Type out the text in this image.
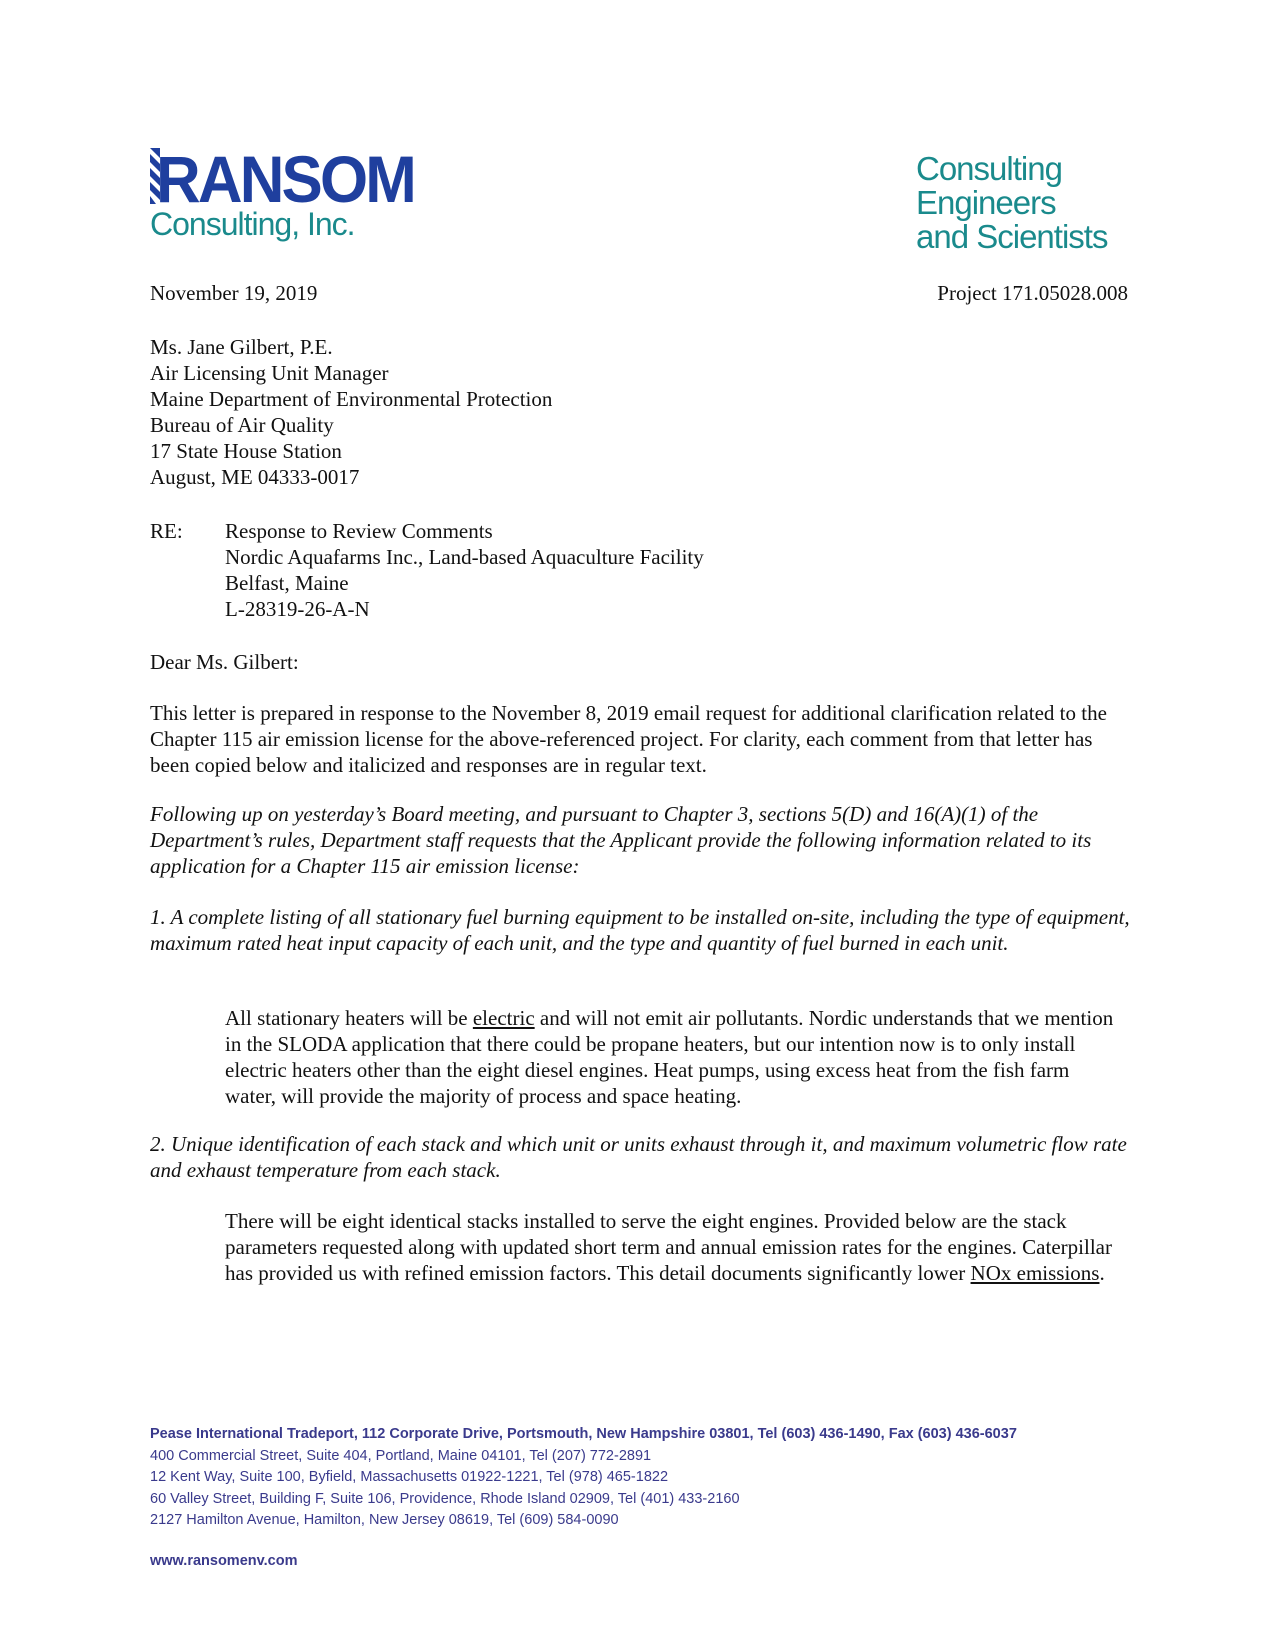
RANSOM
Consulting, Inc.
Consulting
Engineers
and Scientists
November 19, 2019	Project 171.05028.008
Ms. Jane Gilbert, P.E.
Air Licensing Unit Manager
Maine Department of Environmental Protection
Bureau of Air Quality
17 State House Station
August, ME 04333-0017
RE: Response to Review Comments
Nordic Aquafarms Inc., Land-based Aquaculture Facility
Belfast, Maine
L-28319-26-A-N
Dear Ms. Gilbert:
This letter is prepared in response to the November 8, 2019 email request for additional clarification related to the Chapter 115 air emission license for the above-referenced project. For clarity, each comment from that letter has been copied below and italicized and responses are in regular text.
Following up on yesterday’s Board meeting, and pursuant to Chapter 3, sections 5(D) and 16(A)(1) of the Department’s rules, Department staff requests that the Applicant provide the following information related to its application for a Chapter 115 air emission license:
1. A complete listing of all stationary fuel burning equipment to be installed on-site, including the type of equipment, maximum rated heat input capacity of each unit, and the type and quantity of fuel burned in each unit.
All stationary heaters will be electric and will not emit air pollutants. Nordic understands that we mention in the SLODA application that there could be propane heaters, but our intention now is to only install electric heaters other than the eight diesel engines. Heat pumps, using excess heat from the fish farm water, will provide the majority of process and space heating.
2. Unique identification of each stack and which unit or units exhaust through it, and maximum volumetric flow rate and exhaust temperature from each stack.
There will be eight identical stacks installed to serve the eight engines. Provided below are the stack parameters requested along with updated short term and annual emission rates for the engines. Caterpillar has provided us with refined emission factors. This detail documents significantly lower NOx emissions.
Pease International Tradeport, 112 Corporate Drive, Portsmouth, New Hampshire 03801, Tel (603) 436-1490, Fax (603) 436-6037
400 Commercial Street, Suite 404, Portland, Maine 04101, Tel (207) 772-2891
12 Kent Way, Suite 100, Byfield, Massachusetts 01922-1221, Tel (978) 465-1822
60 Valley Street, Building F, Suite 106, Providence, Rhode Island 02909, Tel (401) 433-2160
2127 Hamilton Avenue, Hamilton, New Jersey 08619, Tel (609) 584-0090
www.ransomenv.com
